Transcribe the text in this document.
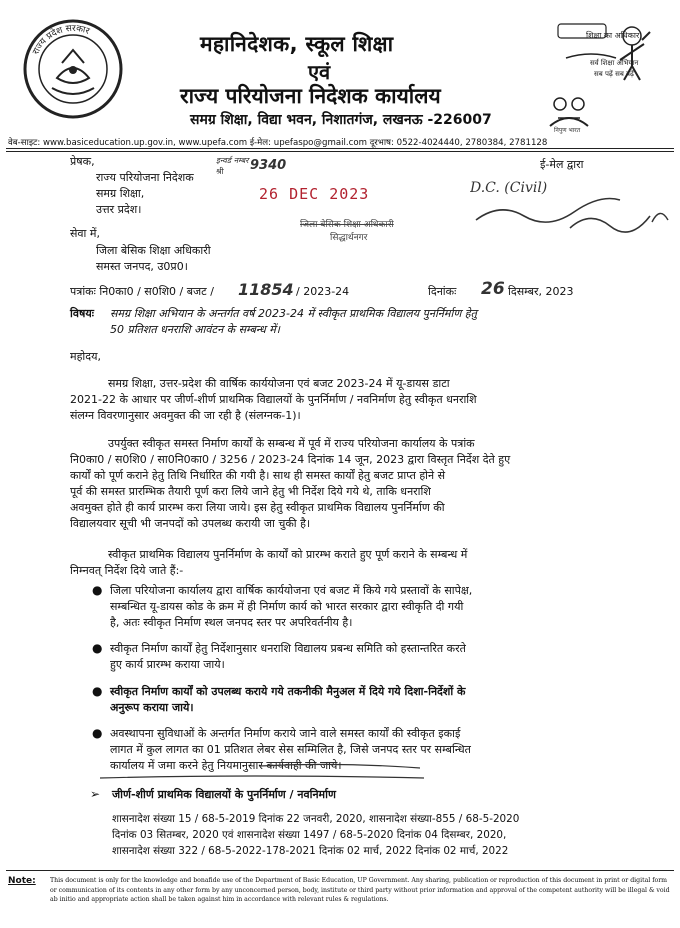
राज्य प्रदेश सरकार
महानिदेशक, स्कूल शिक्षा
एवं
राज्य परियोजना निदेशक कार्यालय
समग्र शिक्षा, विद्या भवन, निशातगंज, लखनऊ -226007
शिक्षा का अधिकार
सर्व शिक्षा अभियान
सब पढ़ें सब बढ़ें
निपुण भारत
वेब-साइट: www.basiceducation.up.gov.in, www.upefa.com ई-मेल: upefaspo@gmail.com दूरभाष: 0522-4024440, 2780384, 2781128
प्रेषक,
राज्य परियोजना निदेशक
समग्र शिक्षा,
उत्तर प्रदेश।
इन्वर्ड नम्बर
श्री 9340
26 DEC 2023
जिला बेसिक शिक्षा अधिकारी
सिद्धार्थनगर
ई-मेल द्वारा
D.C. (Civil)
सेवा में,
जिला बेसिक शिक्षा अधिकारी
समस्त जनपद, उ0प्र0।
पत्रांकः नि0का0 / स0शि0 / बजट / 11854 / 2023-24	दिनांकः 26 दिसम्बर, 2023
विषयः समग्र शिक्षा अभियान के अन्तर्गत वर्ष 2023-24 में स्वीकृत प्राथमिक विद्यालय पुनर्निर्माण हेतु
50 प्रतिशत धनराशि आवंटन के सम्बन्ध में।
महोदय,
समग्र शिक्षा, उत्तर-प्रदेश की वार्षिक कार्ययोजना एवं बजट 2023-24 में यू-डायस डाटा
2021-22 के आधार पर जीर्ण-शीर्ण प्राथमिक विद्यालयों के पुनर्निर्माण / नवनिर्माण हेतु स्वीकृत धनराशि
संलग्न विवरणानुसार अवमुक्त की जा रही है (संलग्नक-1)।
उपर्युक्त स्वीकृत समस्त निर्माण कार्यों के सम्बन्ध में पूर्व में राज्य परियोजना कार्यालय के पत्रांक
नि0का0 / स0शि0 / सा0नि0का0 / 3256 / 2023-24 दिनांक 14 जून, 2023 द्वारा विस्तृत निर्देश देते हुए
कार्यों को पूर्ण कराने हेतु तिथि निर्धारित की गयी है। साथ ही समस्त कार्यों हेतु बजट प्राप्त होने से
पूर्व की समस्त प्रारम्भिक तैयारी पूर्ण करा लिये जाने हेतु भी निर्देश दिये गये थे, ताकि धनराशि
अवमुक्त होते ही कार्य प्रारम्भ करा लिया जाये। इस हेतु स्वीकृत प्राथमिक विद्यालय पुनर्निर्माण की
विद्यालयवार सूची भी जनपदों को उपलब्ध करायी जा चुकी है।
स्वीकृत प्राथमिक विद्यालय पुनर्निर्माण के कार्यों को प्रारम्भ कराते हुए पूर्ण कराने के सम्बन्ध में
निम्नवत् निर्देश दिये जाते हैं:-
● जिला परियोजना कार्यालय द्वारा वार्षिक कार्ययोजना एवं बजट में किये गये प्रस्तावों के सापेक्ष,
सम्बन्धित यू-डायस कोड के क्रम में ही निर्माण कार्य को भारत सरकार द्वारा स्वीकृति दी गयी
है, अतः स्वीकृत निर्माण स्थल जनपद स्तर पर अपरिवर्तनीय है।
● स्वीकृत निर्माण कार्यों हेतु निर्देशानुसार धनराशि विद्यालय प्रबन्ध समिति को हस्तान्तरित करते
हुए कार्य प्रारम्भ कराया जाये।
● स्वीकृत निर्माण कार्यों को उपलब्ध कराये गये तकनीकी मैनुअल में दिये गये दिशा-निर्देशों के
अनुरूप कराया जाये।
● अवस्थापना सुविधाओं के अन्तर्गत निर्माण कराये जाने वाले समस्त कार्यों की स्वीकृत इकाई
लागत में कुल लागत का 01 प्रतिशत लेबर सेस सम्मिलित है, जिसे जनपद स्तर पर सम्बन्धित
कार्यालय में जमा करने हेतु नियमानुसार कार्यवाही की जाये।
➢ जीर्ण-शीर्ण प्राथमिक विद्यालयों के पुनर्निर्माण / नवनिर्माण
शासनादेश संख्या 15 / 68-5-2019 दिनांक 22 जनवरी, 2020, शासनादेश संख्या-855 / 68-5-2020
दिनांक 03 सितम्बर, 2020 एवं शासनादेश संख्या 1497 / 68-5-2020 दिनांक 04 दिसम्बर, 2020,
शासनादेश संख्या 322 / 68-5-2022-178-2021 दिनांक 02 मार्च, 2022 दिनांक 02 मार्च, 2022
Note: This document is only for the knowledge and bonafide use of the Department of Basic Education, UP Government. Any sharing, publication or reproduction of this document in print or digital form or communication of its contents in any other form by any unconcerned person, body, institute or third party without prior information and approval of the competent authority will be illegal & void ab initio and appropriate action shall be taken against him in accordance with relevant rules & regulations.
